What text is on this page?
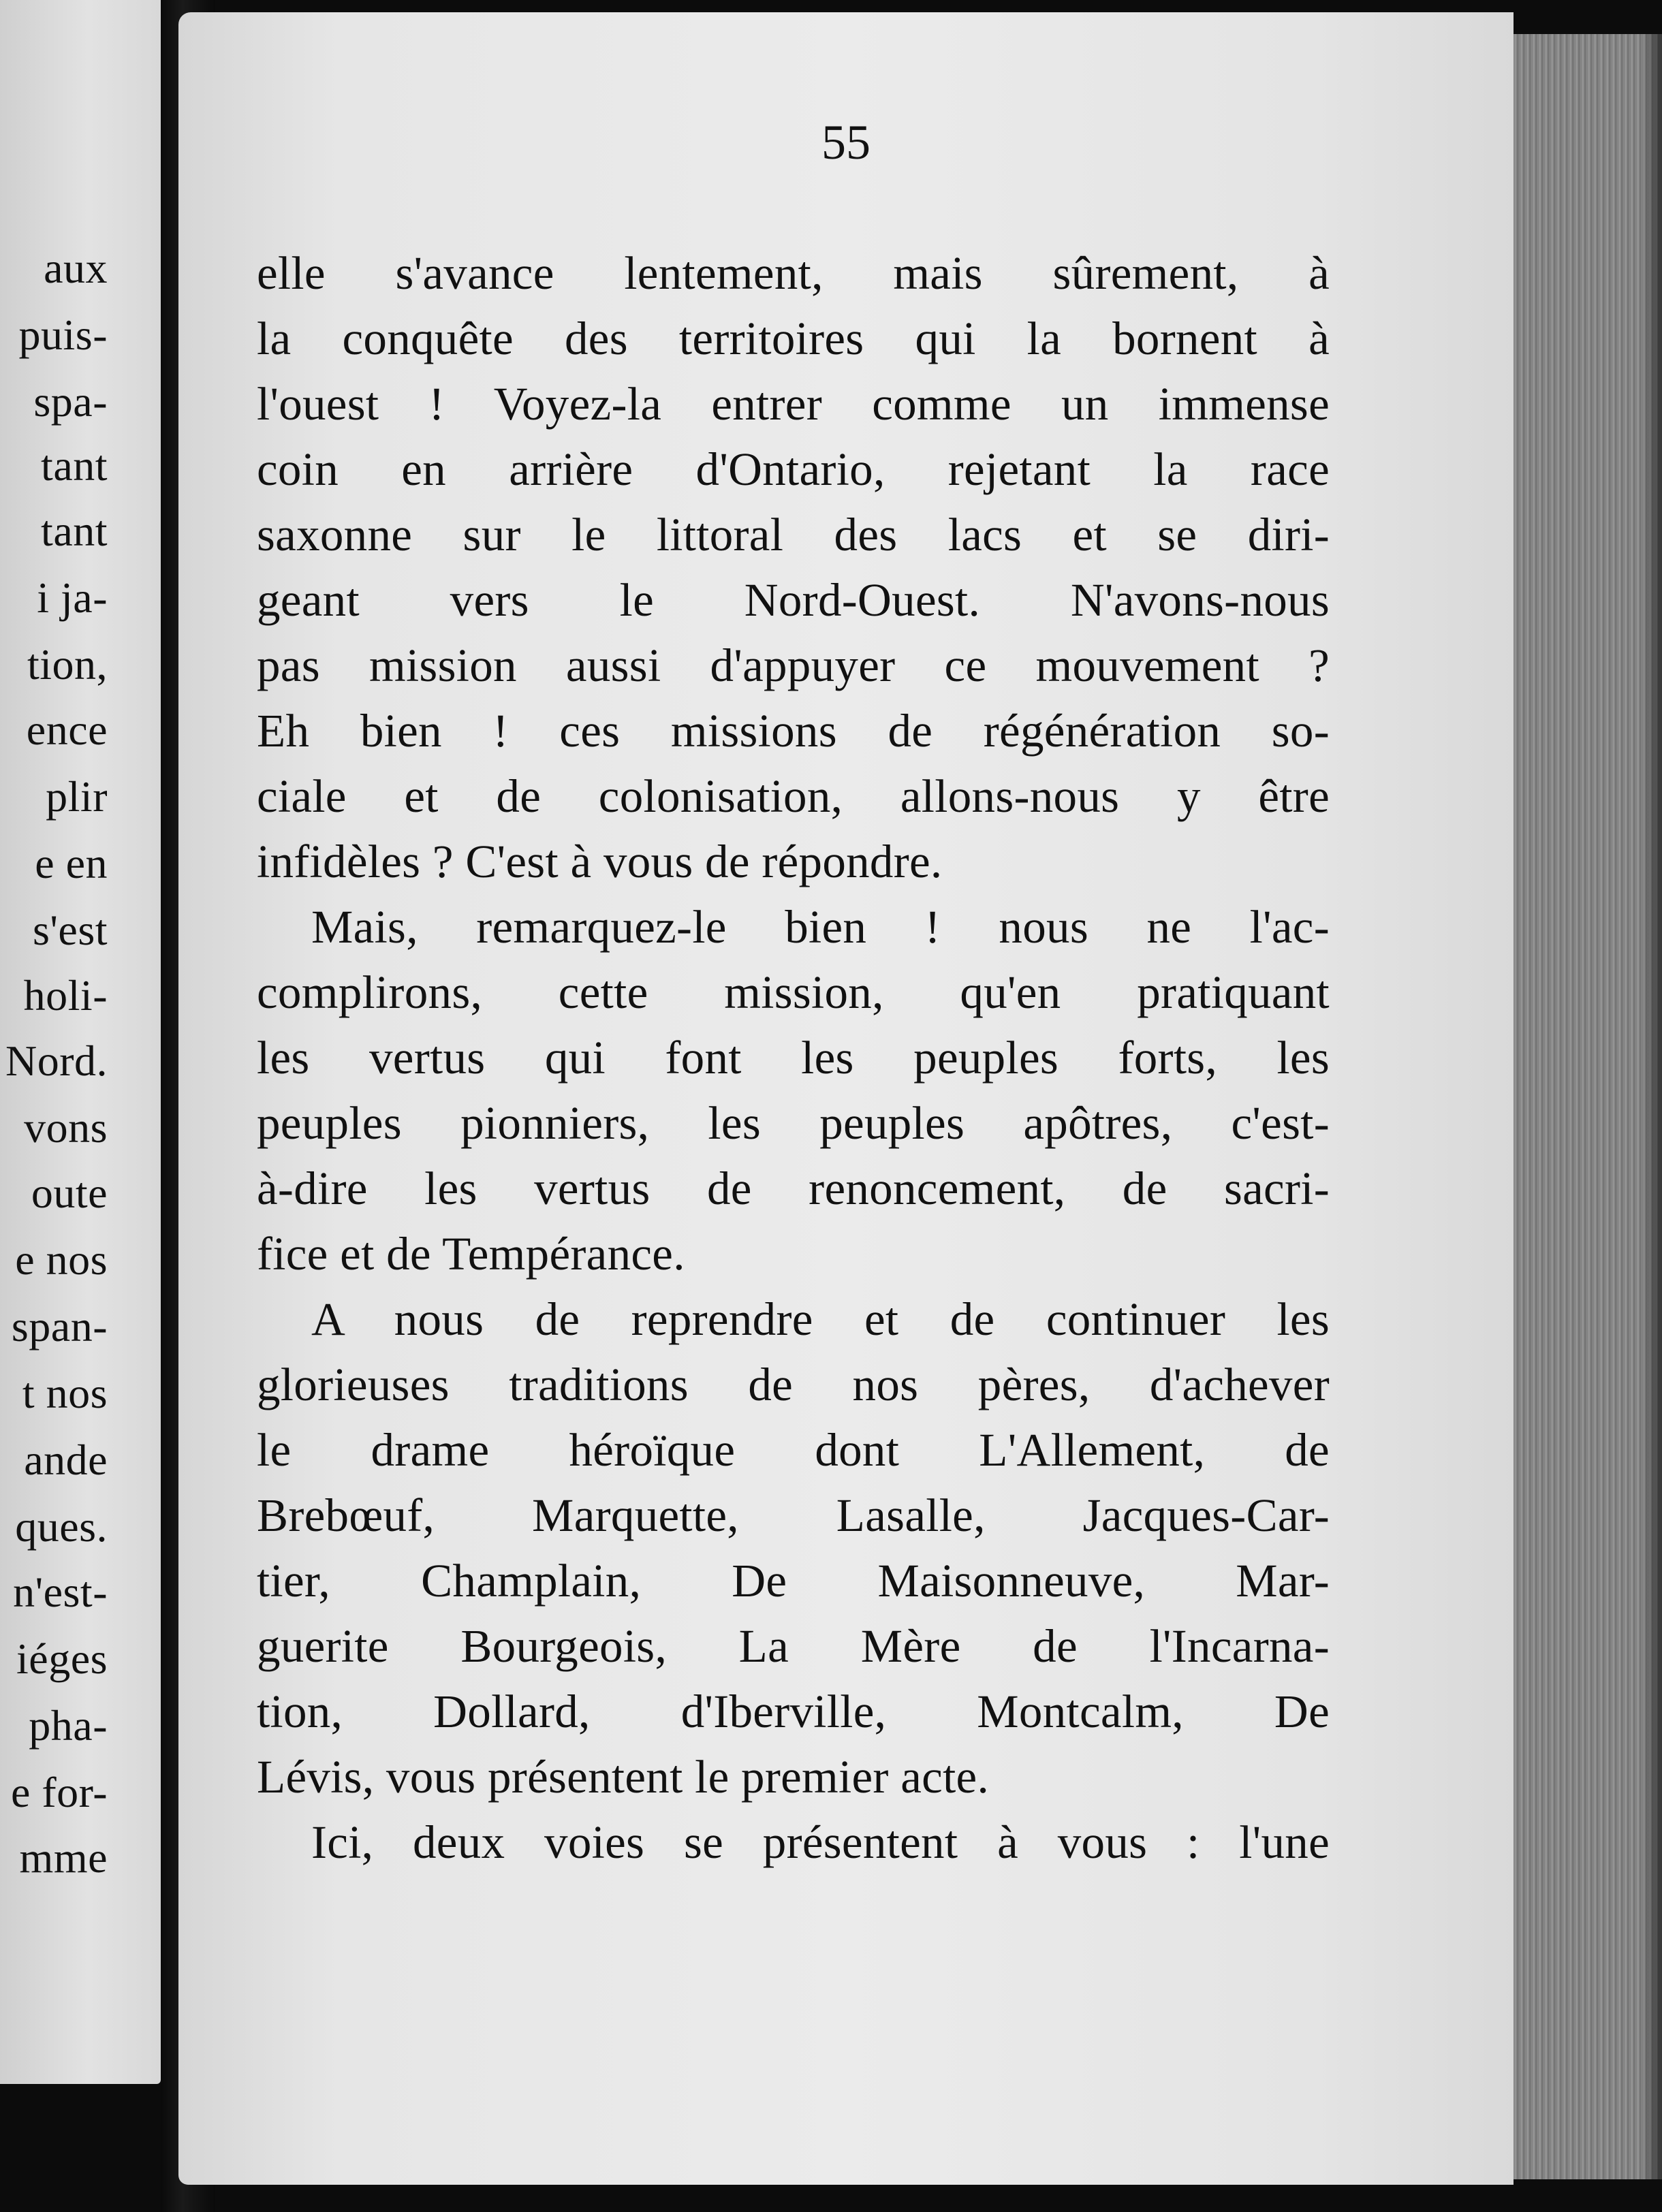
aux
puis-
spa-
tant
tant
i ja-
tion,
ence
plir
e en
s'est
holi-
Nord.
vons
oute
e nos
span-
t nos
ande
ques.
n'est-
iéges
pha-
e for-
mme
55
elle s'avance lentement, mais sûrement, à
la conquête des territoires qui la bornent à
l'ouest ! Voyez-la entrer comme un immense
coin en arrière d'Ontario, rejetant la race
saxonne sur le littoral des lacs et se diri-
geant vers le Nord-Ouest. N'avons-nous
pas mission aussi d'appuyer ce mouvement ?
Eh bien ! ces missions de régénération so-
ciale et de colonisation, allons-nous y être
infidèles ? C'est à vous de répondre.
Mais, remarquez-le bien ! nous ne l'ac-
complirons, cette mission, qu'en pratiquant
les vertus qui font les peuples forts, les
peuples pionniers, les peuples apôtres, c'est-
à-dire les vertus de renoncement, de sacri-
fice et de Tempérance.
A nous de reprendre et de continuer les
glorieuses traditions de nos pères, d'achever
le drame héroïque dont L'Allement, de
Brebœuf, Marquette, Lasalle, Jacques-Car-
tier, Champlain, De Maisonneuve, Mar-
guerite Bourgeois, La Mère de l'Incarna-
tion, Dollard, d'Iberville, Montcalm, De
Lévis, vous présentent le premier acte.
Ici, deux voies se présentent à vous : l'une
